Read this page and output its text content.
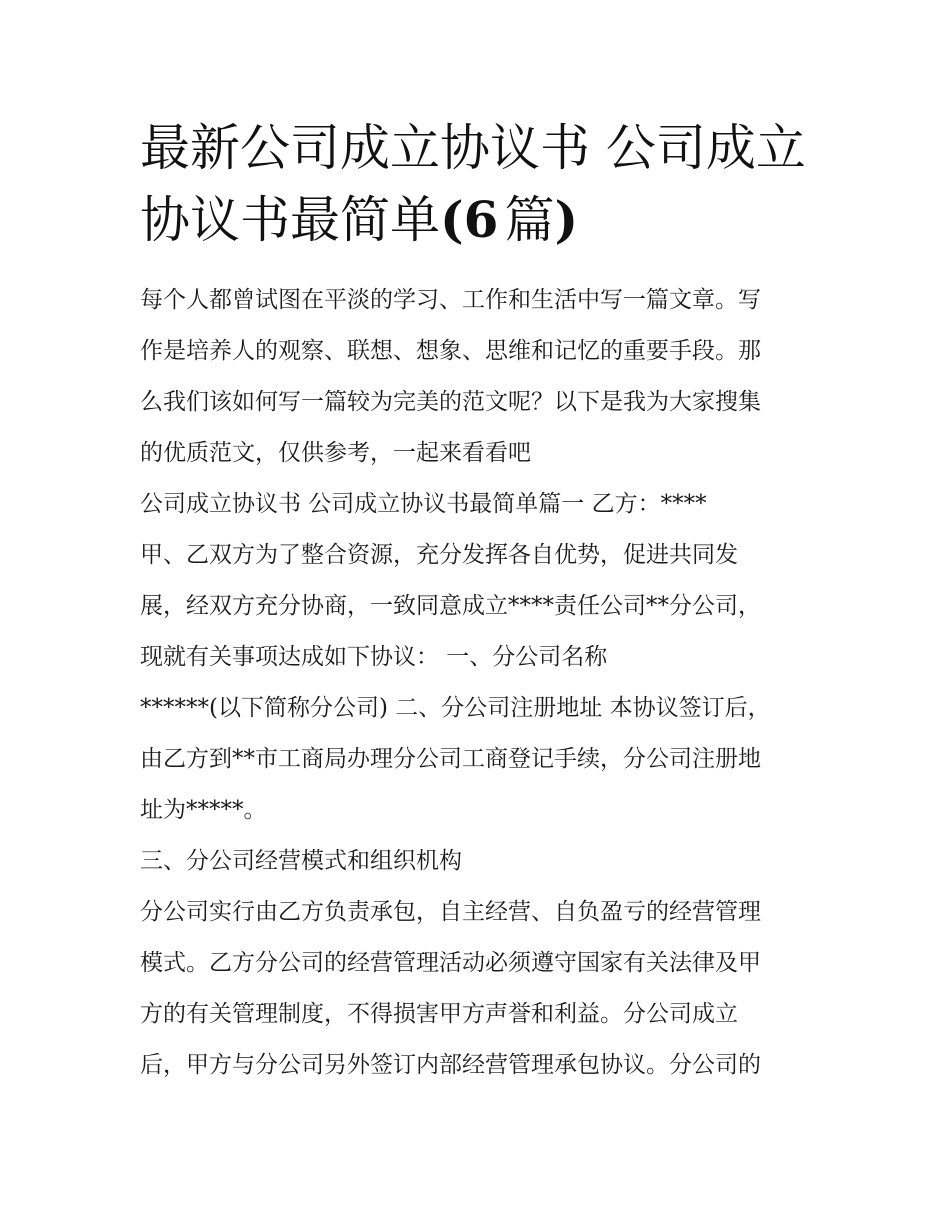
最新公司成立协议书 公司成立
协议书最简单(6 篇)
每个人都曾试图在平淡的学习、工作和生活中写一篇文章。写
作是培养人的观察、联想、想象、思维和记忆的重要手段。那
么我们该如何写一篇较为完美的范文呢？以下是我为大家搜集
的优质范文，仅供参考，一起来看看吧
公司成立协议书 公司成立协议书最简单篇一 乙方：****
甲、乙双方为了整合资源，充分发挥各自优势，促进共同发
展，经双方充分协商，一致同意成立****责任公司**分公司，
现就有关事项达成如下协议： 一、分公司名称
******(以下简称分公司) 二、分公司注册地址 本协议签订后，
由乙方到**市工商局办理分公司工商登记手续，分公司注册地
址为*****。
三、分公司经营模式和组织机构
分公司实行由乙方负责承包，自主经营、自负盈亏的经营管理
模式。乙方分公司的经营管理活动必须遵守国家有关法律及甲
方的有关管理制度，不得损害甲方声誉和利益。分公司成立
后，甲方与分公司另外签订内部经营管理承包协议。分公司的
